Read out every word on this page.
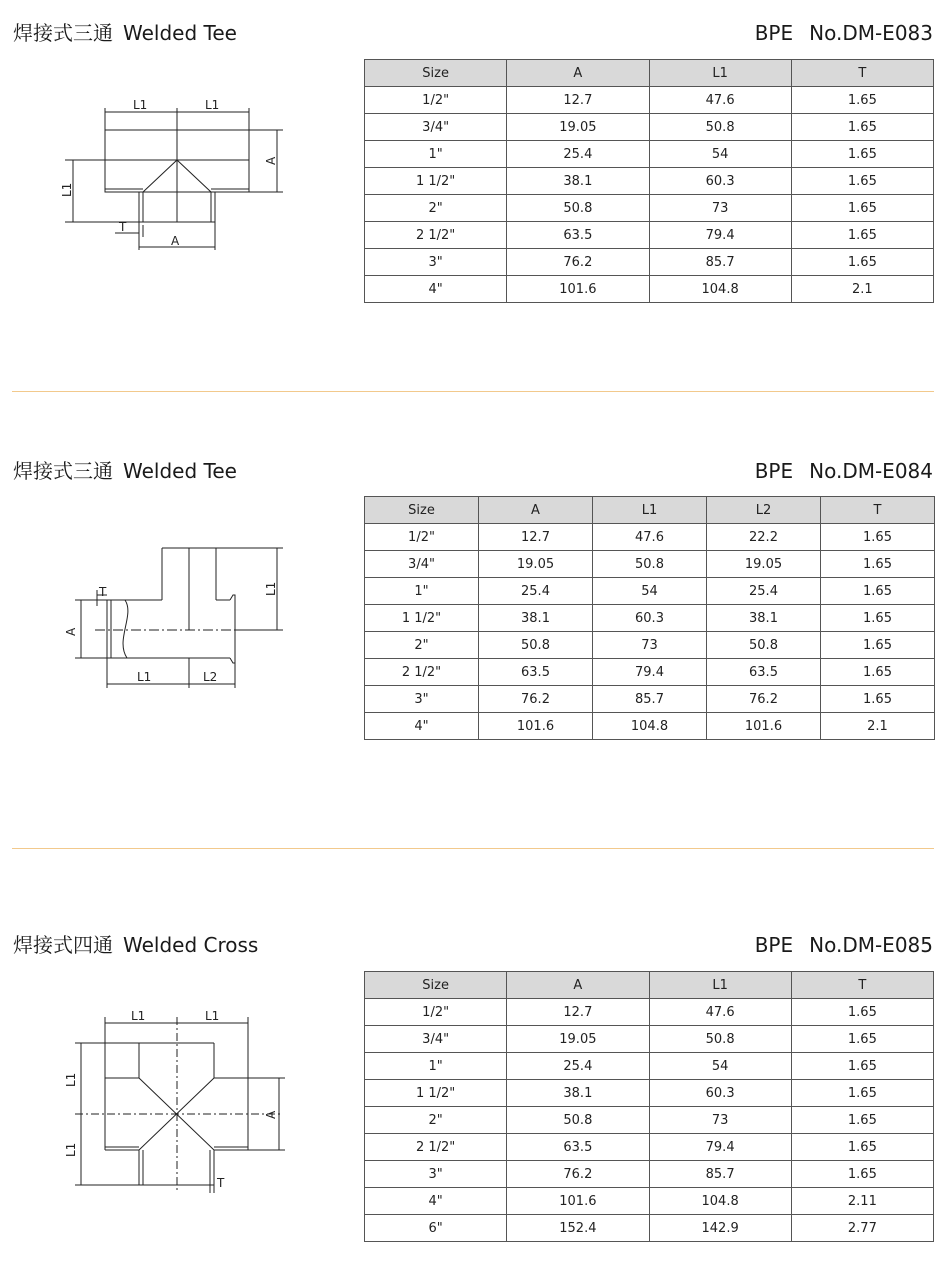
焊接式三通 Welded Tee	BPE No.DM-E083
L1	L1
A
L1
T
A
Size	A	L1	T
1/2"	12.7	47.6	1.65
3/4"	19.05	50.8	1.65
1"	25.4	54	1.65
1 1/2"	38.1	60.3	1.65
2"	50.8	73	1.65
2 1/2"	63.5	79.4	1.65
3"	76.2	85.7	1.65
4"	101.6	104.8	2.1
焊接式三通 Welded Tee	BPE No.DM-E084
T
A
L1
L1	L2
Size	A	L1	L2	T
1/2"	12.7	47.6	22.2	1.65
3/4"	19.05	50.8	19.05	1.65
1"	25.4	54	25.4	1.65
1 1/2"	38.1	60.3	38.1	1.65
2"	50.8	73	50.8	1.65
2 1/2"	63.5	79.4	63.5	1.65
3"	76.2	85.7	76.2	1.65
4"	101.6	104.8	101.6	2.1
焊接式四通 Welded Cross	BPE No.DM-E085
L1	L1
L1
L1
A
T
Size	A	L1	T
1/2"	12.7	47.6	1.65
3/4"	19.05	50.8	1.65
1"	25.4	54	1.65
1 1/2"	38.1	60.3	1.65
2"	50.8	73	1.65
2 1/2"	63.5	79.4	1.65
3"	76.2	85.7	1.65
4"	101.6	104.8	2.11
6"	152.4	142.9	2.77
